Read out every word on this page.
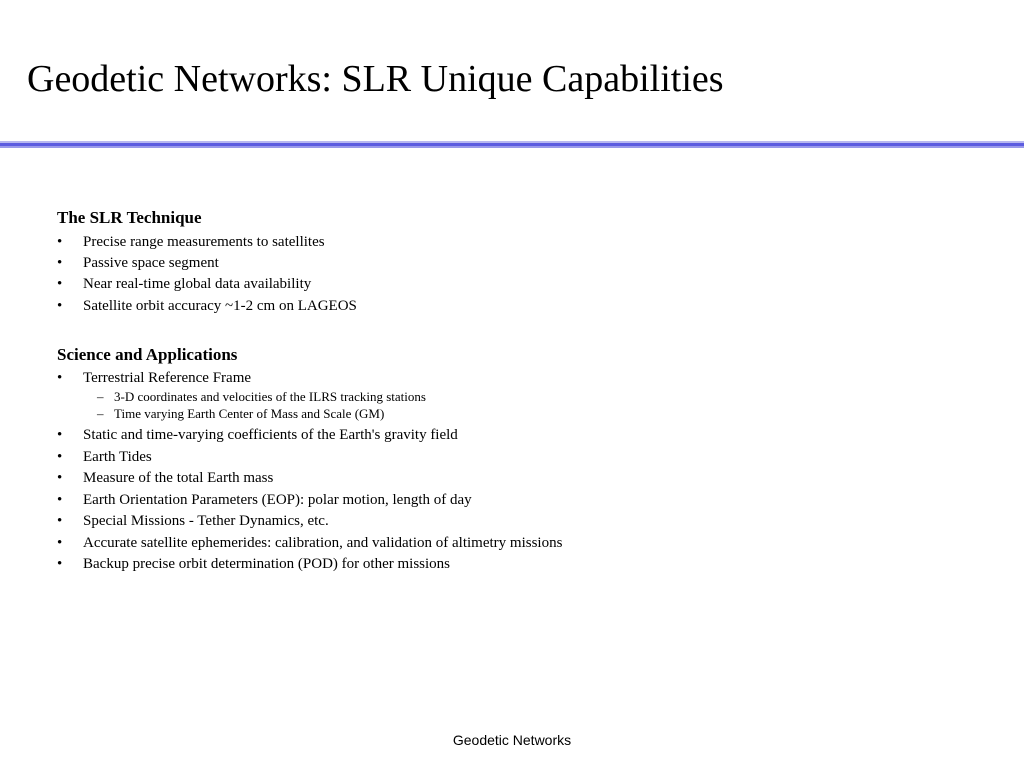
Geodetic Networks: SLR Unique Capabilities
The SLR Technique
• Precise range measurements to satellites
• Passive space segment
• Near real-time global data availability
• Satellite orbit accuracy ~1-2 cm on LAGEOS
Science and Applications
• Terrestrial Reference Frame
– 3-D coordinates and velocities of the ILRS tracking stations
– Time varying Earth Center of Mass and Scale (GM)
• Static and time-varying coefficients of the Earth's gravity field
• Earth Tides
• Measure of the total Earth mass
• Earth Orientation Parameters (EOP): polar motion, length of day
• Special Missions - Tether Dynamics, etc.
• Accurate satellite ephemerides: calibration, and validation of altimetry missions
• Backup precise orbit determination (POD) for other missions
Geodetic Networks
